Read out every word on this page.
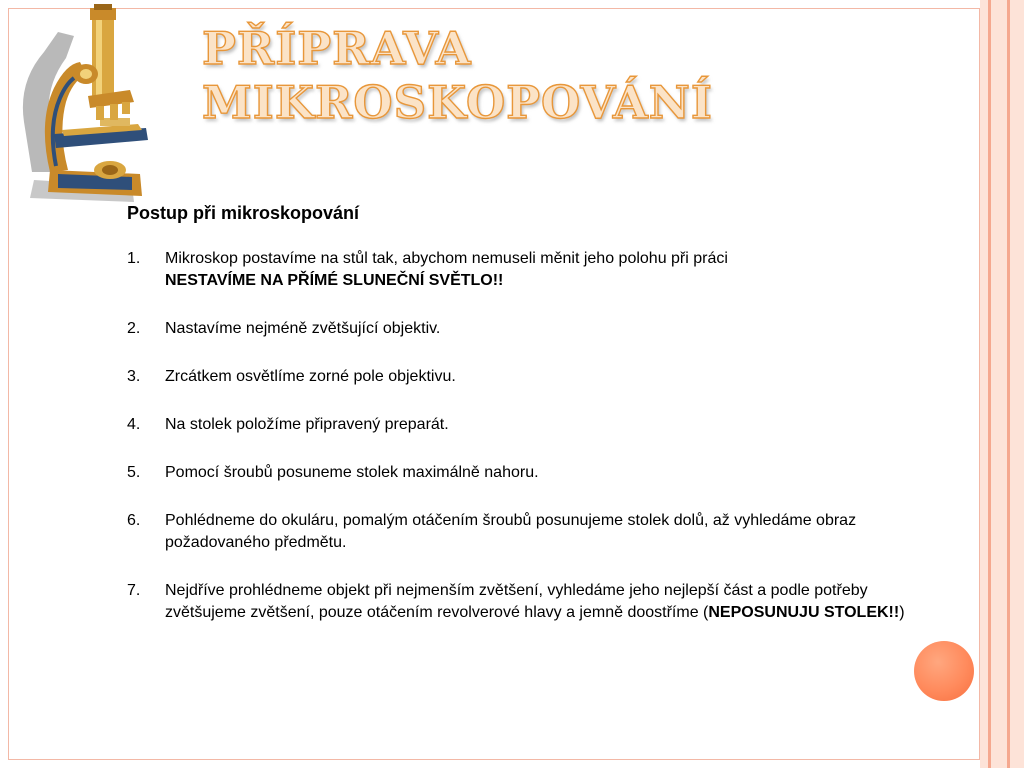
PŘÍPRAVA
MIKROSKOPOVÁNÍ

Postup při mikroskopování

1. Mikroskop postavíme na stůl tak, abychom nemuseli měnit jeho polohu při práci
NESTAVÍME NA PŘÍMÉ SLUNEČNÍ SVĚTLO!!
2. Nastavíme nejméně zvětšující objektiv.
3. Zrcátkem osvětlíme zorné pole objektivu.
4. Na stolek položíme připravený preparát.
5. Pomocí šroubů posuneme stolek maximálně nahoru.
6. Pohlédneme do okuláru, pomalým otáčením šroubů posunujeme stolek dolů, až vyhledáme obraz požadovaného předmětu.
7. Nejdříve prohlédneme objekt při nejmenším zvětšení, vyhledáme jeho nejlepší část a podle potřeby zvětšujeme zvětšení, pouze otáčením revolverové hlavy a jemně doostříme (NEPOSUNUJU STOLEK!!)
